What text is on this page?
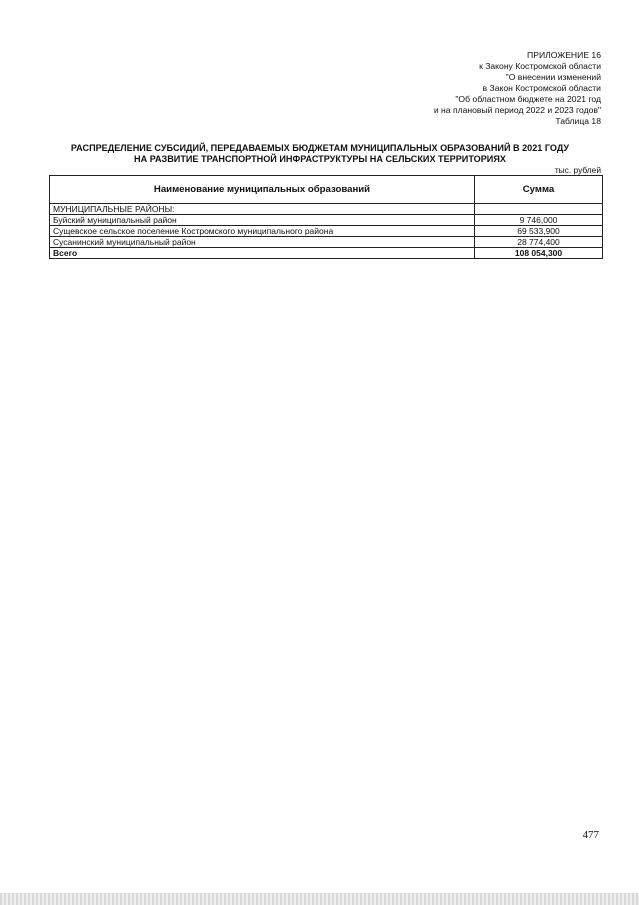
ПРИЛОЖЕНИЕ 16
к Закону Костромской области
"О внесении изменений
в Закон Костромской области
"Об областном бюджете на 2021 год
и на плановый период 2022 и 2023 годов"
Таблица 18
РАСПРЕДЕЛЕНИЕ СУБСИДИЙ, ПЕРЕДАВАЕМЫХ БЮДЖЕТАМ МУНИЦИПАЛЬНЫХ ОБРАЗОВАНИЙ В 2021 ГОДУ
НА РАЗВИТИЕ ТРАНСПОРТНОЙ ИНФРАСТРУКТУРЫ НА СЕЛЬСКИХ ТЕРРИТОРИЯХ
тыс. рублей
Наименование муниципальных образований	Сумма
МУНИЦИПАЛЬНЫЕ РАЙОНЫ:	
Буйский муниципальный район	9 746,000
Сущевское сельское поселение Костромского муниципального района	69 533,900
Сусанинский муниципальный район	28 774,400
Всего	108 054,300
477
